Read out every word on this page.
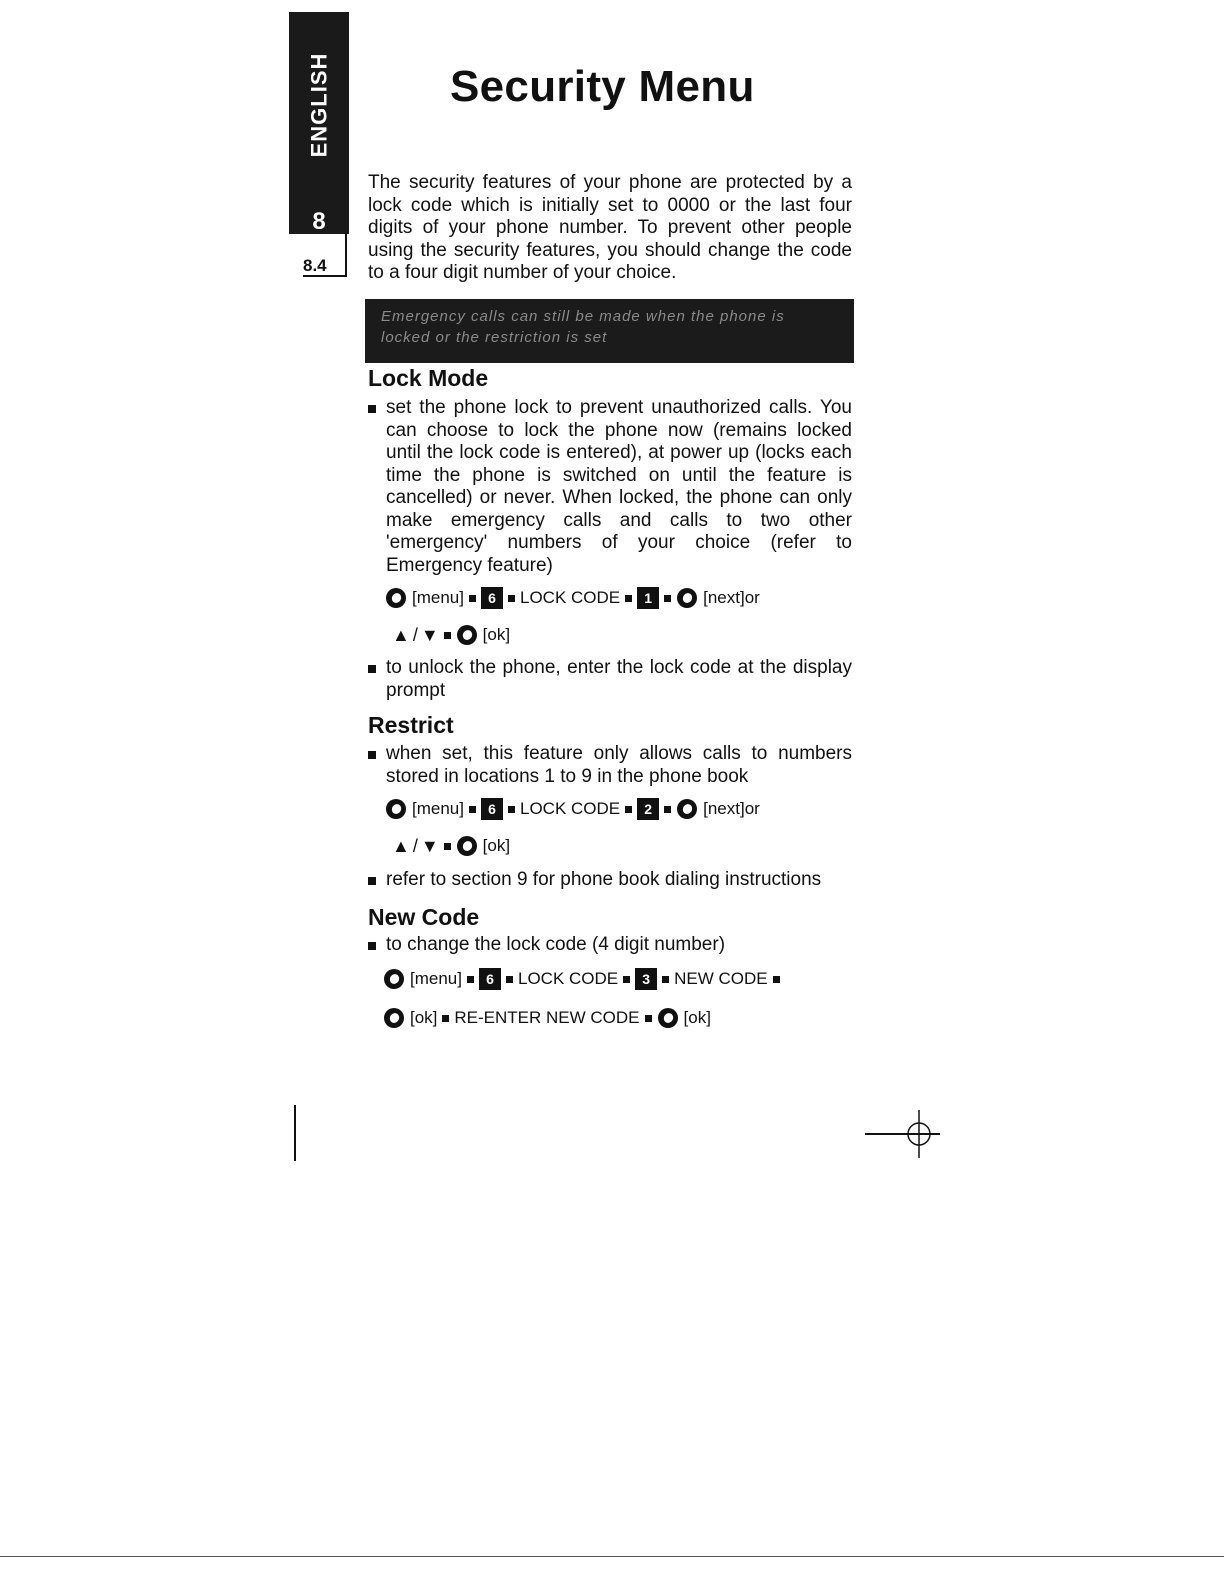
ENGLISH
8
8.4
Security Menu

The security features of your phone are protected by a lock code which is initially set to 0000 or the last four digits of your phone number. To prevent other people using the security features, you should change the code to a four digit number of your choice.

Emergency calls can still be made when the phone is locked or the restriction is set
Lock Mode
set the phone lock to prevent unauthorized calls. You can choose to lock the phone now (remains locked until the lock code is entered), at power up (locks each time the phone is switched on until the feature is cancelled) or never. When locked, the phone can only make emergency calls and calls to two other 'emergency' numbers of your choice (refer to Emergency feature)
[menu]	6	LOCK CODE	1	[next]or
▲ / ▼	[ok]
to unlock the phone, enter the lock code at the display prompt
Restrict
when set, this feature only allows calls to numbers stored in locations 1 to 9 in the phone book
[menu]	6	LOCK CODE	2	[next]or
▲ / ▼	[ok]
refer to section 9 for phone book dialing instructions
New Code
to change the lock code (4 digit number)
[menu]	6	LOCK CODE	3	NEW CODE
[ok] RE-ENTER NEW CODE	[ok]
